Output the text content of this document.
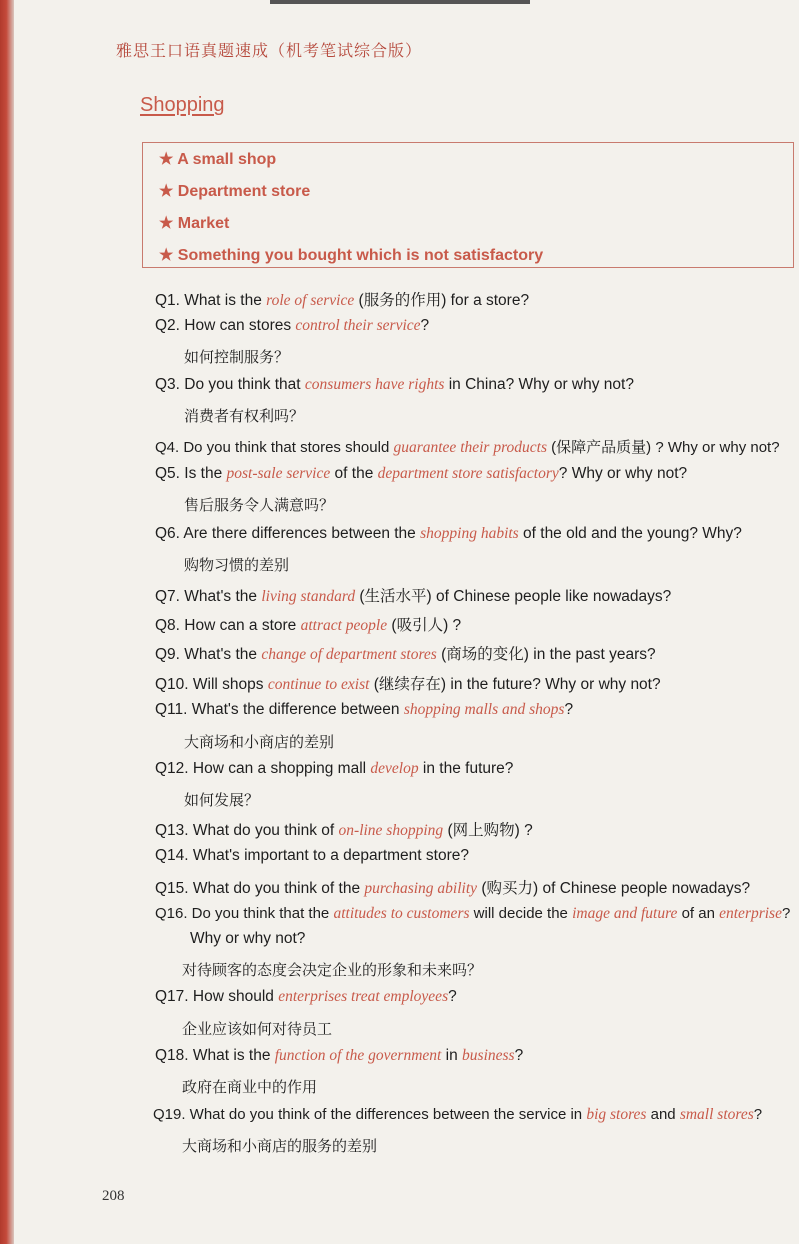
雅思王口语真题速成（机考笔试综合版）
Shopping
★ A small shop
★ Department store
★ Market
★ Something you bought which is not satisfactory
Q1. What is the role of service (服务的作用) for a store?
Q2. How can stores control their service?
如何控制服务？
Q3. Do you think that consumers have rights in China? Why or why not?
消费者有权利吗？
Q4. Do you think that stores should guarantee their products (保障产品质量) ? Why or why not?
Q5. Is the post-sale service of the department store satisfactory? Why or why not?
售后服务令人满意吗？
Q6. Are there differences between the shopping habits of the old and the young? Why?
购物习惯的差别
Q7. What's the living standard (生活水平) of Chinese people like nowadays?
Q8. How can a store attract people (吸引人) ?
Q9. What's the change of department stores (商场的变化) in the past years?
Q10. Will shops continue to exist (继续存在) in the future? Why or why not?
Q11. What's the difference between shopping malls and shops?
大商场和小商店的差别
Q12. How can a shopping mall develop in the future?
如何发展？
Q13. What do you think of on-line shopping (网上购物) ?
Q14. What's important to a department store?
Q15. What do you think of the purchasing ability (购买力) of Chinese people nowadays?
Q16. Do you think that the attitudes to customers will decide the image and future of an enterprise?
Why or why not?
对待顾客的态度会决定企业的形象和未来吗？
Q17. How should enterprises treat employees?
企业应该如何对待员工
Q18. What is the function of the government in business?
政府在商业中的作用
Q19. What do you think of the differences between the service in big stores and small stores?
大商场和小商店的服务的差别
208
